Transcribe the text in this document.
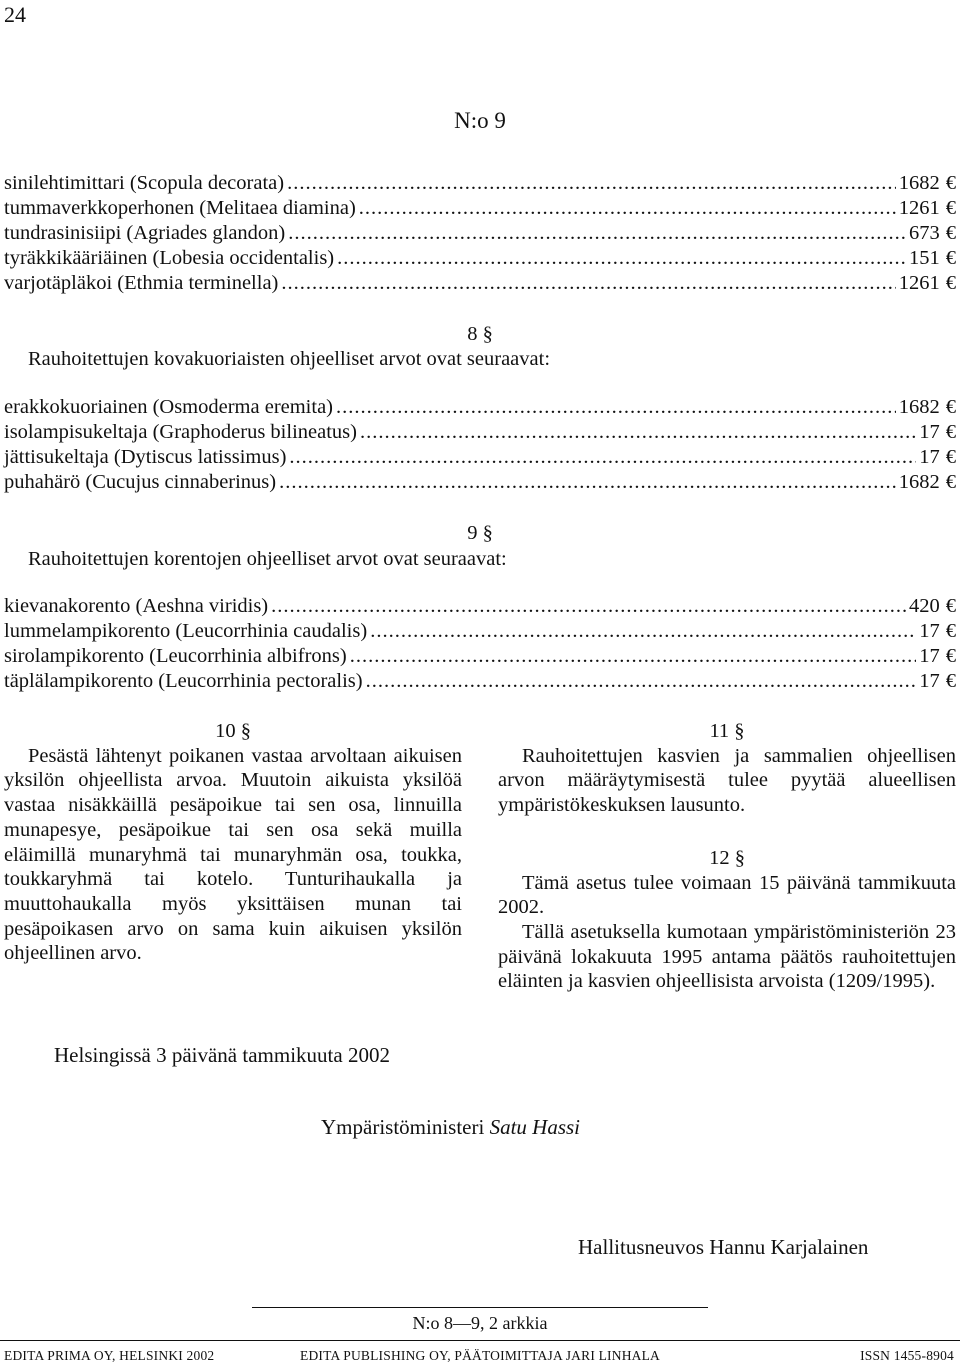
24
N:o 9
sinilehtimittari (Scopula decorata) .....	1682 €
tummaverkkoperhonen (Melitaea diamina) .....	1261 €
tundrasinisiipi (Agriades glandon) .....	673 €
tyräkkikääriäinen (Lobesia occidentalis) .....	151 €
varjotäpläkoi (Ethmia terminella) .....	1261 €
8 §
Rauhoitettujen kovakuoriaisten ohjeelliset arvot ovat seuraavat:
erakkokuoriainen (Osmoderma eremita) .....	1682 €
isolampisukeltaja (Graphoderus bilineatus) .....	17 €
jättisukeltaja (Dytiscus latissimus) .....	17 €
puhahärö (Cucujus cinnaberinus) .....	1682 €
9 §
Rauhoitettujen korentojen ohjeelliset arvot ovat seuraavat:
kievanakorento (Aeshna viridis) .....	420 €
lummelampikorento (Leucorrhinia caudalis) .....	17 €
sirolampikorento (Leucorrhinia albifrons) .....	17 €
täplälampikorento (Leucorrhinia pectoralis) .....	17 €
10 §

Pesästä lähtenyt poikanen vastaa arvoltaan aikuisen yksilön ohjeellista arvoa. Muutoin aikuista yksilöä vastaa nisäkkäillä pesäpoikue tai sen osa, linnuilla munapesye, pesäpoikue tai sen osa sekä muilla eläimillä munaryhmä tai munaryhmän osa, toukka, toukkaryhmä tai kotelo. Tunturihaukalla ja muuttohaukalla myös yksittäisen munan tai pesäpoikasen arvo on sama kuin aikuisen yksilön ohjeellinen arvo.

11 §

Rauhoitettujen kasvien ja sammalien ohjeellisen arvon määräytymisestä tulee pyytää alueellisen ympäristökeskuksen lausunto.

12 §

Tämä asetus tulee voimaan 15 päivänä tammikuuta 2002.

Tällä asetuksella kumotaan ympäristöministeriön 23 päivänä lokakuuta 1995 antama päätös rauhoitettujen eläinten ja kasvien ohjeellisista arvoista (1209/1995).

Helsingissä 3 päivänä tammikuuta 2002
Ympäristöministeri Satu Hassi
Hallitusneuvos Hannu Karjalainen
N:o 8—9, 2 arkkia
EDITA PRIMA OY, HELSINKI 2002	EDITA PUBLISHING OY, PÄÄTOIMITTAJA JARI LINHALA	ISSN 1455-8904
